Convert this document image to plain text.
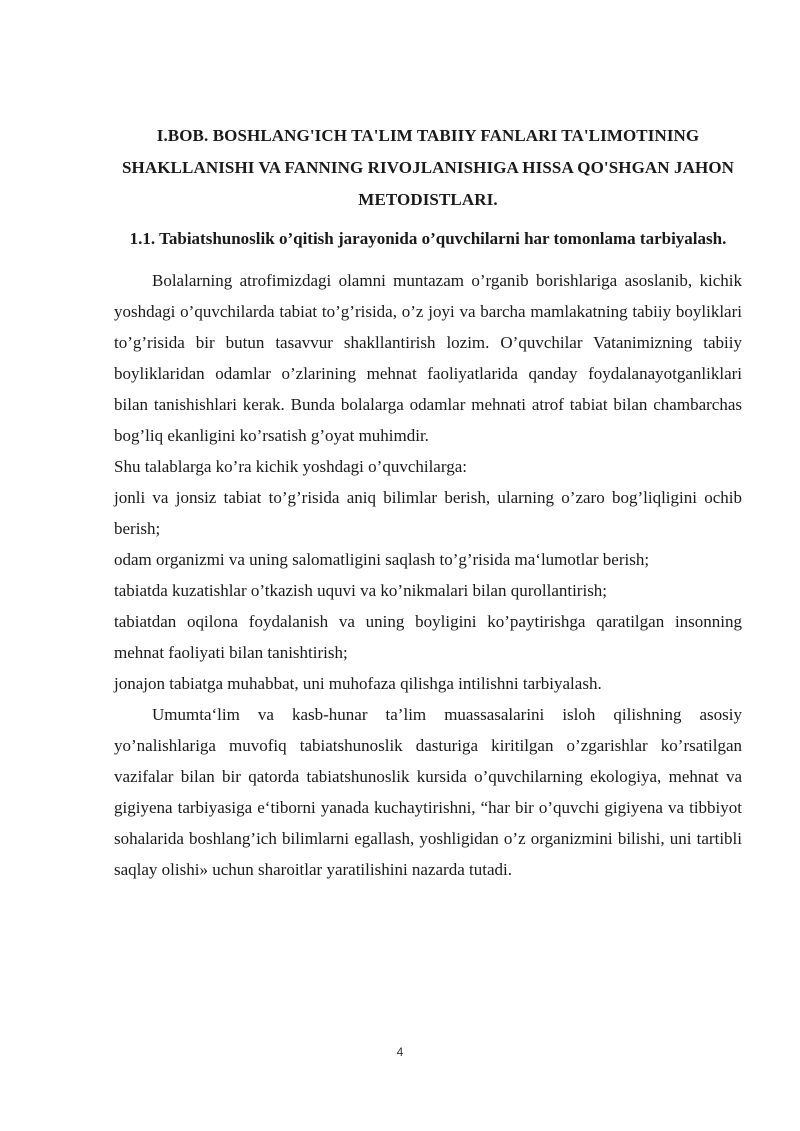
I.BOB. BOSHLANG'ICH TA'LIM TABIIY FANLARI TA'LIMOTINING SHAKLLANISHI VA FANNING RIVOJLANISHIGA HISSA QO'SHGAN JAHON METODISTLARI.
1.1. Tabiatshunoslik o’qitish jarayonida o’quvchilarni har tomonlama tarbiyalash.

Bolalarning atrofimizdagi olamni muntazam o’rganib borishlariga asoslanib, kichik yoshdagi o’quvchilarda tabiat to’g’risida, o’z joyi va barcha mamlakatning tabiiy boyliklari to’g’risida bir butun tasavvur shakllantirish lozim. O’quvchilar Vatanimizning tabiiy boyliklaridan odamlar o’zlarining mehnat faoliyatlarida qanday foydalanayotganliklari bilan tanishishlari kerak. Bunda bolalarga odamlar mehnati atrof tabiat bilan chambarchas bog’liq ekanligini ko’rsatish g’oyat muhimdir.

Shu talablarga ko’ra kichik yoshdagi o’quvchilarga:

jonli va jonsiz tabiat to’g’risida aniq bilimlar berish, ularning o’zaro bog’liqligini ochib berish;

odam organizmi va uning salomatligini saqlash to’g’risida ma‘lumotlar berish;

tabiatda kuzatishlar o’tkazish uquvi va ko’nikmalari bilan qurollantirish;

tabiatdan oqilona foydalanish va uning boyligini ko’paytirishga qaratilgan insonning mehnat faoliyati bilan tanishtirish;

jonajon tabiatga muhabbat, uni muhofaza qilishga intilishni tarbiyalash.

Umumta‘lim va kasb-hunar ta’lim muassasalarini isloh qilishning asosiy yo’nalishlariga muvofiq tabiatshunoslik dasturiga kiritilgan o’zgarishlar ko’rsatilgan vazifalar bilan bir qatorda tabiatshunoslik kursida o’quvchilarning ekologiya, mehnat va gigiyena tarbiyasiga e‘tiborni yanada kuchaytirishni, “har bir o’quvchi gigiyena va tibbiyot sohalarida boshlang’ich bilimlarni egallash, yoshligidan o’z organizmini bilishi, uni tartibli saqlay olishi» uchun sharoitlar yaratilishini nazarda tutadi.

4
